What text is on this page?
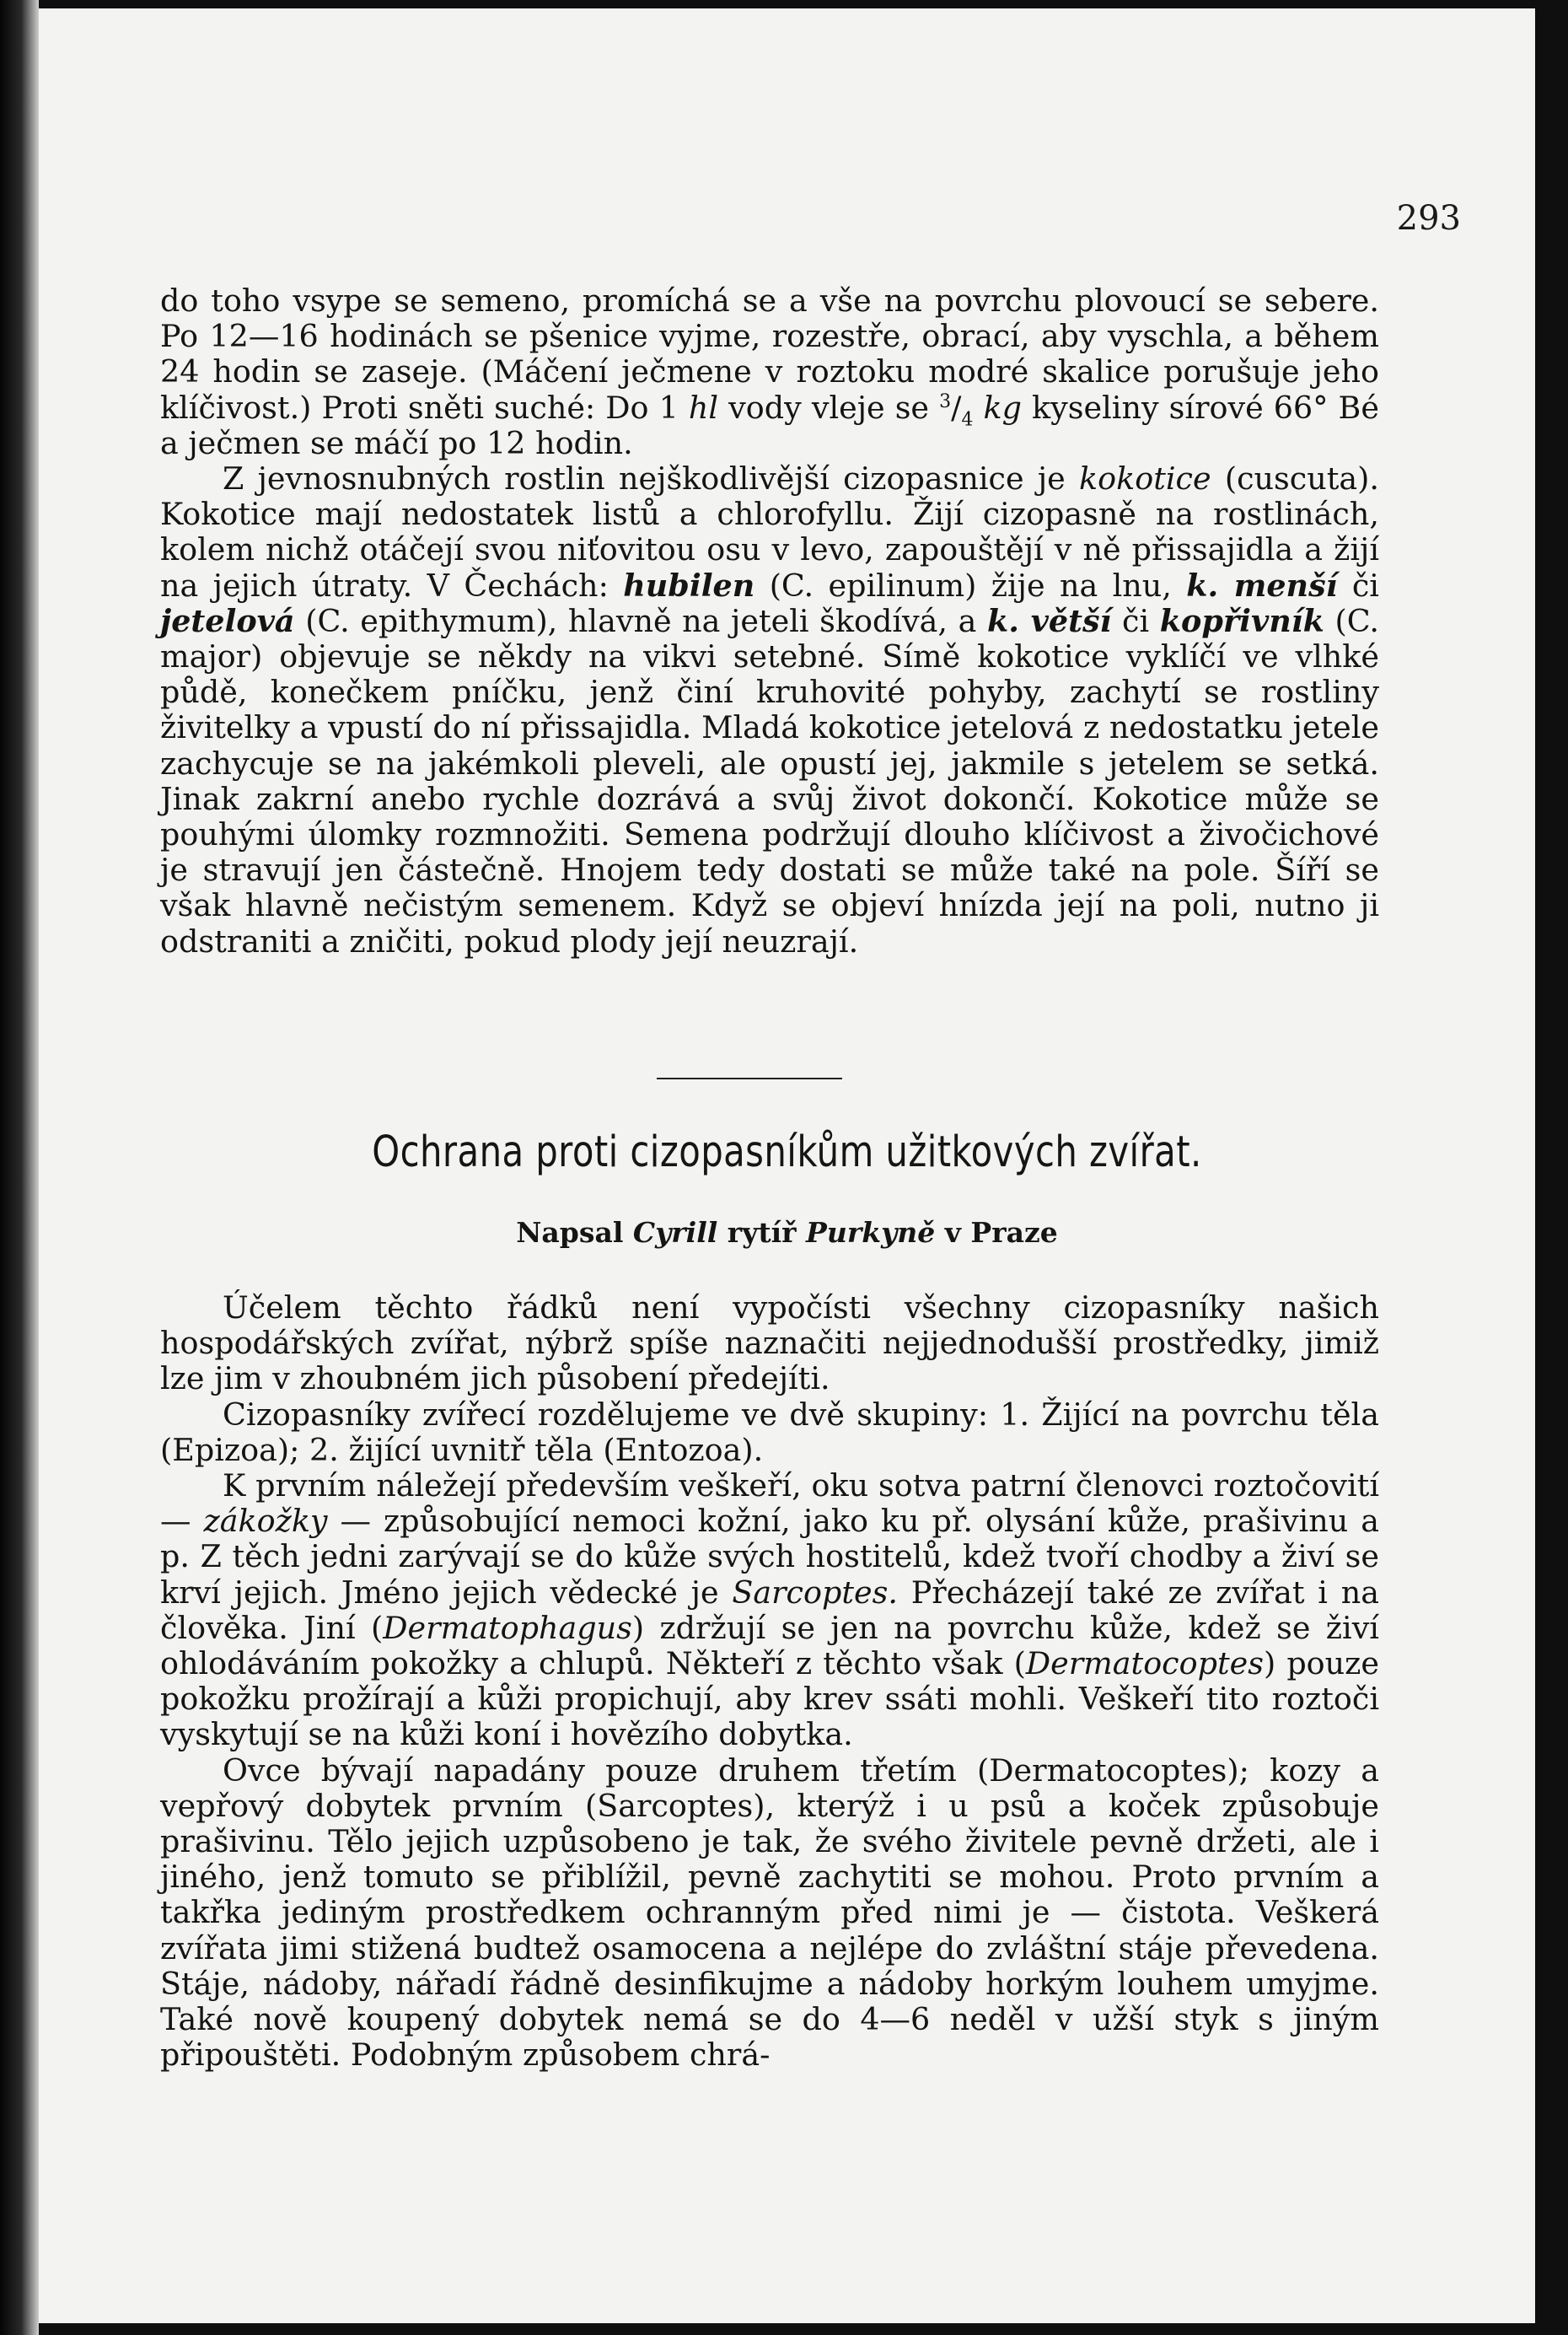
293

do toho vsype se semeno, promíchá se a vše na povrchu plovoucí se sebere. Po 12—16 hodinách se pšenice vyjme, rozestře, obrací, aby vyschla, a během 24 hodin se zaseje. (Máčení ječmene v roztoku modré skalice porušuje jeho klíčivost.) Proti sněti suché: Do 1 hl vody vleje se $^3/_4$ kg kyseliny sírové 66° Bé a ječmen se máčí po 12 hodin.

Z jevnosnubných rostlin nejškodlivější cizopasnice je kokotice (cuscuta). Kokotice mají nedostatek listů a chlorofyllu. Žijí cizopasně na rostlinách, kolem nichž otáčejí svou niťovitou osu v levo, zapouštějí v ně přissajidla a žijí na jejich útraty. V Čechách: hubilen (C. epilinum) žije na lnu, k. menší či jetelová (C. epithymum), hlavně na jeteli škodívá, a k. větší či kopřivník (C. major) objevuje se někdy na vikvi setebné. Símě kokotice vyklíčí ve vlhké půdě, konečkem pníčku, jenž činí kruhovité pohyby, zachytí se rostliny živitelky a vpustí do ní přissajidla. Mladá kokotice jetelová z nedostatku jetele zachycuje se na jakémkoli pleveli, ale opustí jej, jakmile s jetelem se setká. Jinak zakrní anebo rychle dozrává a svůj život dokončí. Kokotice může se pouhými úlomky rozmnožiti. Semena podržují dlouho klíčivost a živočichové je stravují jen částečně. Hnojem tedy dostati se může také na pole. Šíří se však hlavně nečistým semenem. Když se objeví hnízda její na poli, nutno ji odstraniti a zničiti, pokud plody její neuzrají.

Ochrana proti cizopasníkům užitkových zvířat.
Napsal Cyrill rytíř Purkyně v Praze

Účelem těchto řádků není vypočísti všechny cizopasníky našich hospodářských zvířat, nýbrž spíše naznačiti nejjednodušší prostředky, jimiž lze jim v zhoubném jich působení předejíti.

Cizopasníky zvířecí rozdělujeme ve dvě skupiny: 1. Žijící na povrchu těla (Epizoa); 2. žijící uvnitř těla (Entozoa).

K prvním náležejí především veškeří, oku sotva patrní členovci roztočovití — zákožky — způsobující nemoci kožní, jako ku př. olysání kůže, prašivinu a p. Z těch jedni zarývají se do kůže svých hostitelů, kdež tvoří chodby a živí se krví jejich. Jméno jejich vědecké je Sarcoptes. Přecházejí také ze zvířat i na člověka. Jiní (Dermatophagus) zdržují se jen na povrchu kůže, kdež se živí ohlodáváním pokožky a chlupů. Někteří z těchto však (Dermatocoptes) pouze pokožku prožírají a kůži propichují, aby krev ssáti mohli. Veškeří tito roztoči vyskytují se na kůži koní i hovězího dobytka.

Ovce bývají napadány pouze druhem třetím (Dermatocoptes); kozy a vepřový dobytek prvním (Sarcoptes), kterýž i u psů a koček způsobuje prašivinu. Tělo jejich uzpůsobeno je tak, že svého živitele pevně držeti, ale i jiného, jenž tomuto se přiblížil, pevně zachytiti se mohou. Proto prvním a takřka jediným prostředkem ochranným před nimi je — čistota. Veškerá zvířata jimi stižená budtež osamocena a nejlépe do zvláštní stáje převedena. Stáje, nádoby, nářadí řádně desinfikujme a nádoby horkým louhem umyjme. Také nově koupený dobytek nemá se do 4—6 neděl v užší styk s jiným připouštěti. Podobným způsobem chrá-
